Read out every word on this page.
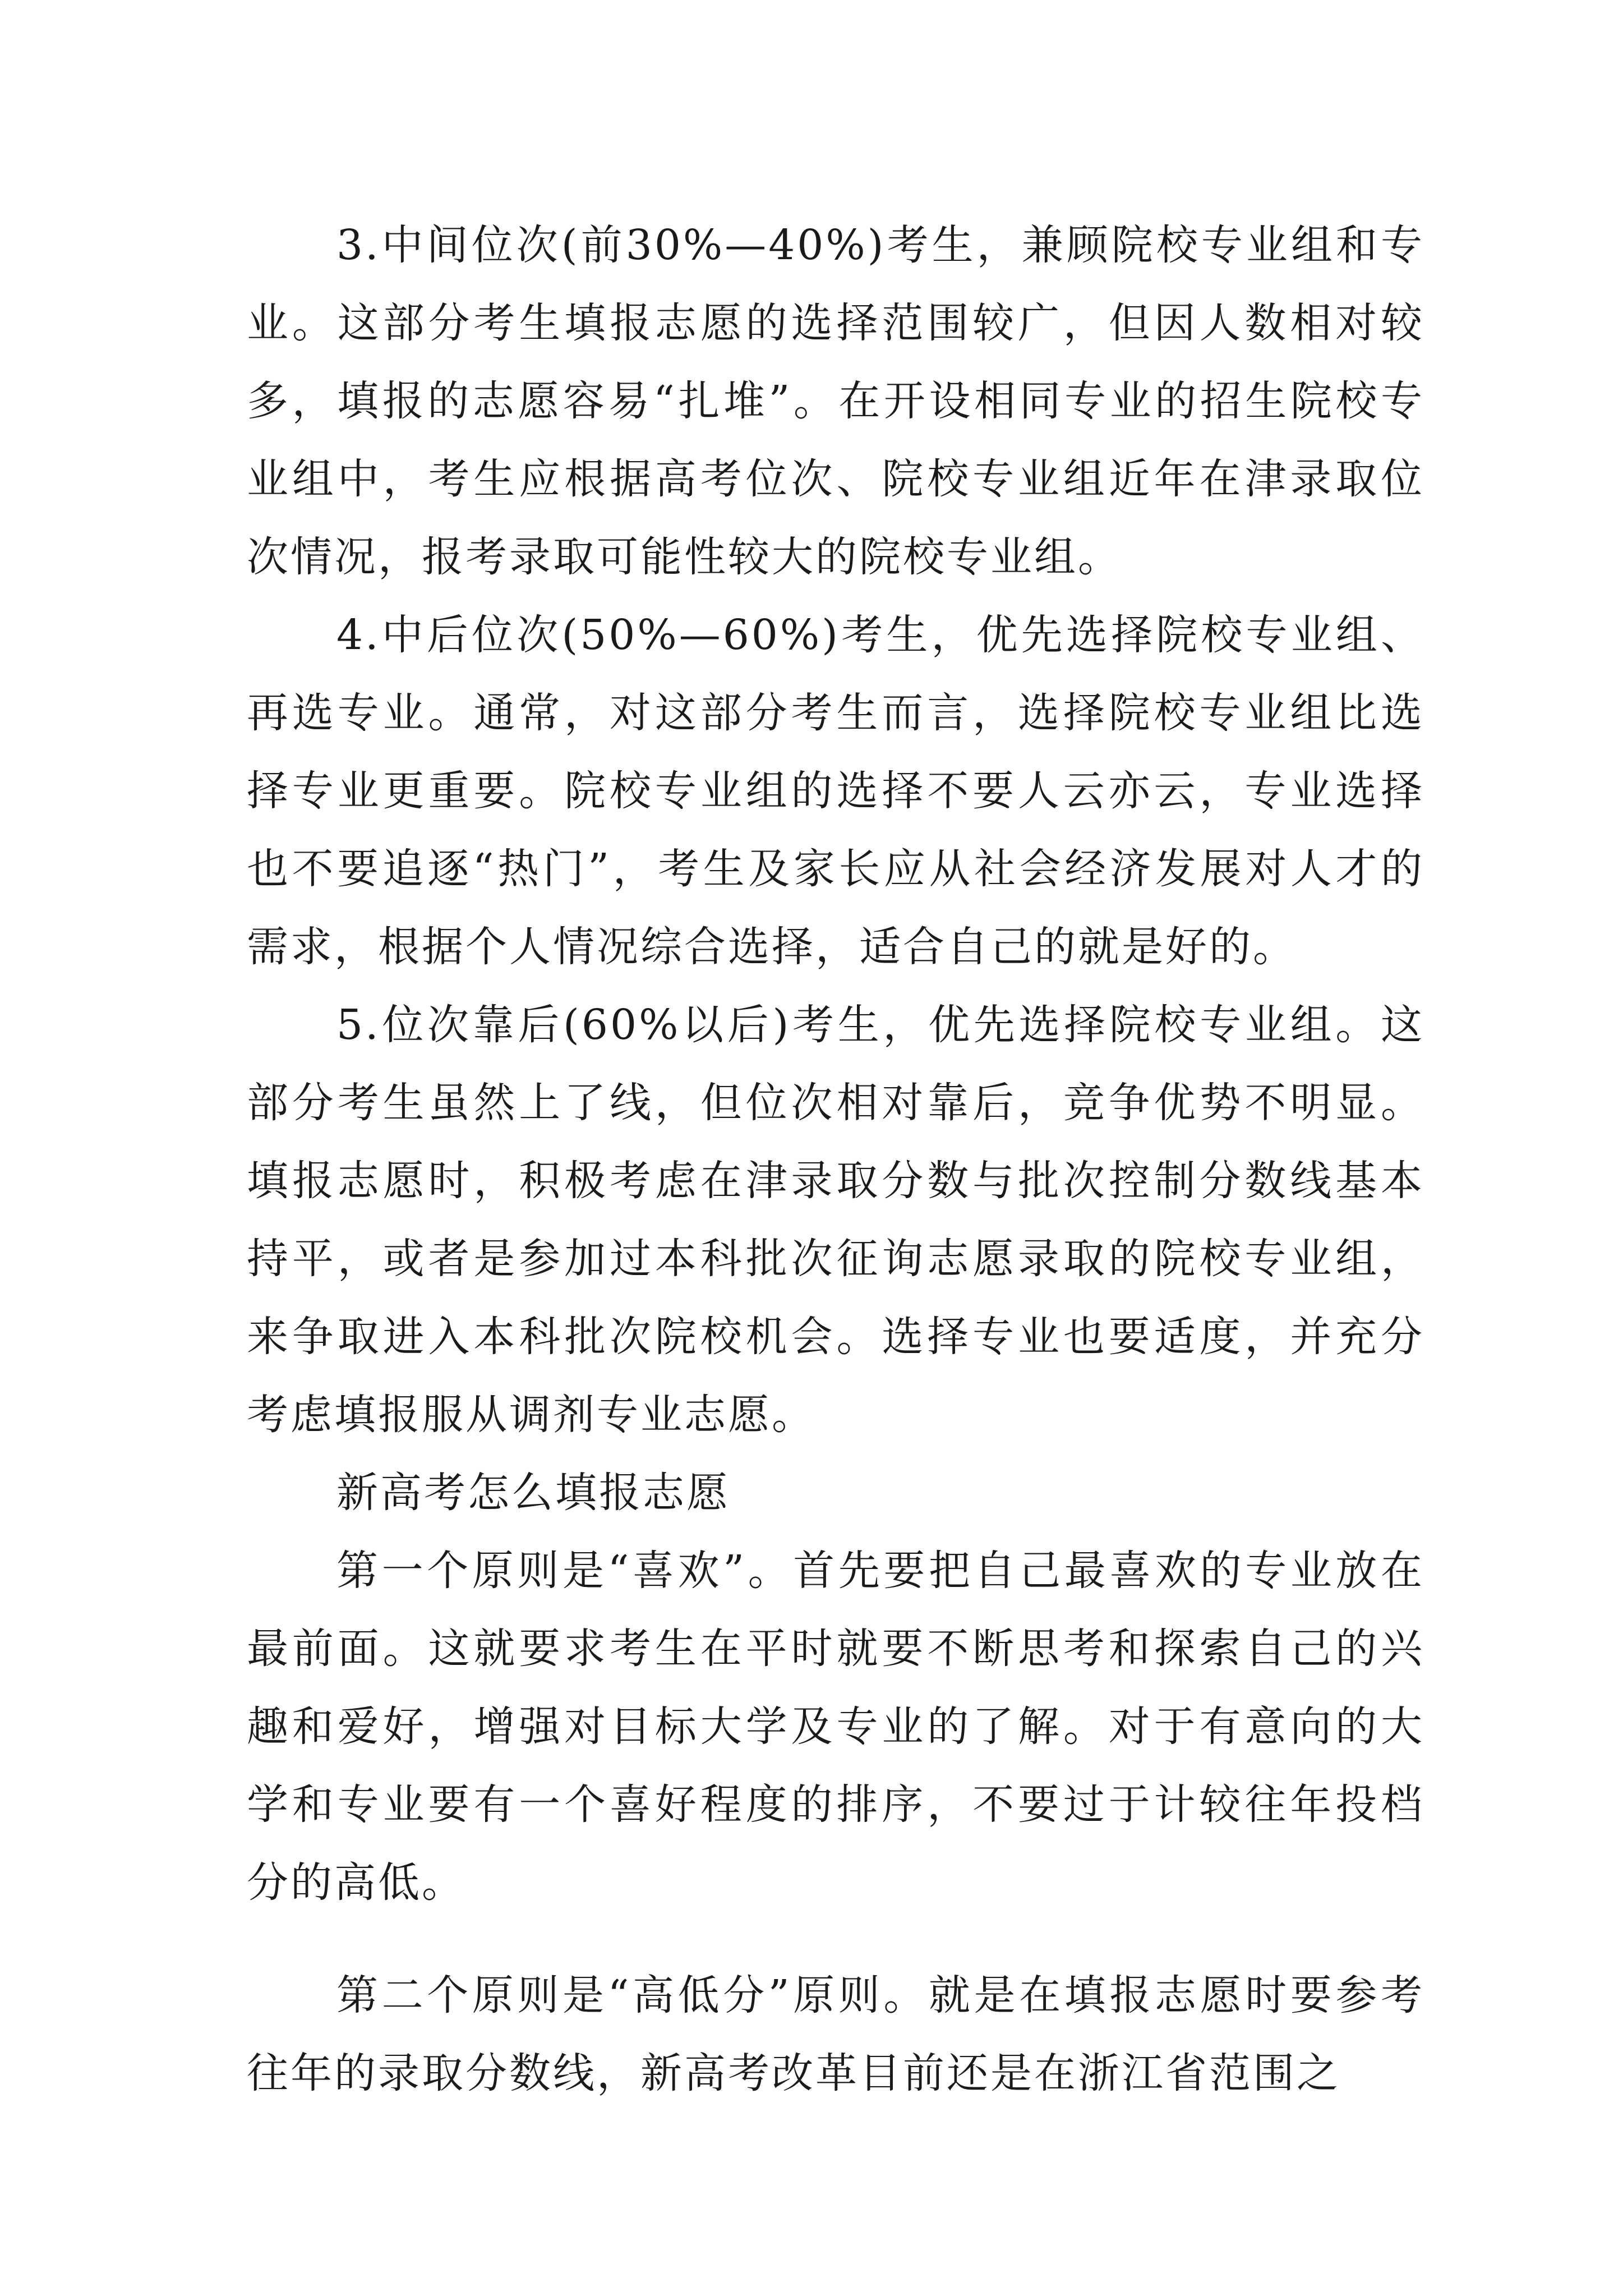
3.中间位次(前30%—40%)考生，兼顾院校专业组和专业。这部分考生填报志愿的选择范围较广，但因人数相对较多，填报的志愿容易“扎堆”。在开设相同专业的招生院校专业组中，考生应根据高考位次、院校专业组近年在津录取位次情况，报考录取可能性较大的院校专业组。

4.中后位次(50%—60%)考生，优先选择院校专业组、再选专业。通常，对这部分考生而言，选择院校专业组比选择专业更重要。院校专业组的选择不要人云亦云，专业选择也不要追逐“热门”，考生及家长应从社会经济发展对人才的需求，根据个人情况综合选择，适合自己的就是好的。

5.位次靠后(60%以后)考生，优先选择院校专业组。这部分考生虽然上了线，但位次相对靠后，竞争优势不明显。填报志愿时，积极考虑在津录取分数与批次控制分数线基本持平，或者是参加过本科批次征询志愿录取的院校专业组，来争取进入本科批次院校机会。选择专业也要适度，并充分考虑填报服从调剂专业志愿。

新高考怎么填报志愿

第一个原则是“喜欢”。首先要把自己最喜欢的专业放在最前面。这就要求考生在平时就要不断思考和探索自己的兴趣和爱好，增强对目标大学及专业的了解。对于有意向的大学和专业要有一个喜好程度的排序，不要过于计较往年投档分的高低。

第二个原则是“高低分”原则。就是在填报志愿时要参考往年的录取分数线，新高考改革目前还是在浙江省范围之
